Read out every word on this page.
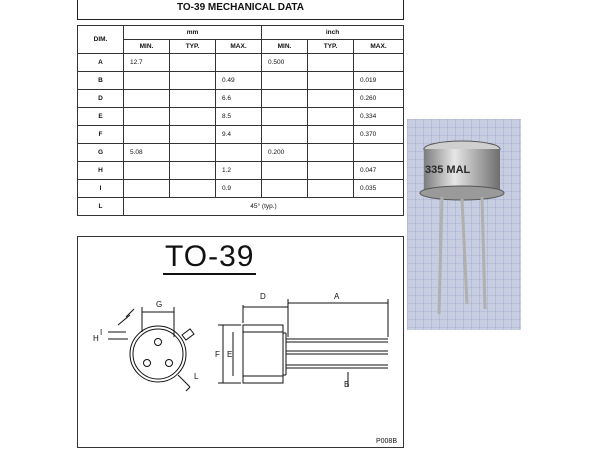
TO-39 MECHANICAL DATA
DIM.	mm			inch		
	MIN.	TYP.	MAX.	MIN.	TYP.	MAX.
A	12.7			0.500		
B			0.49			0.019
D			6.6			0.260
E			8.5			0.334
F			9.4			0.370
G	5.08			0.200		
H			1.2			0.047
I			0.9			0.035
L	45° (typ.)					
TO-39
G
I
H
L
D	A
F E
B
P008B
335 MAL
